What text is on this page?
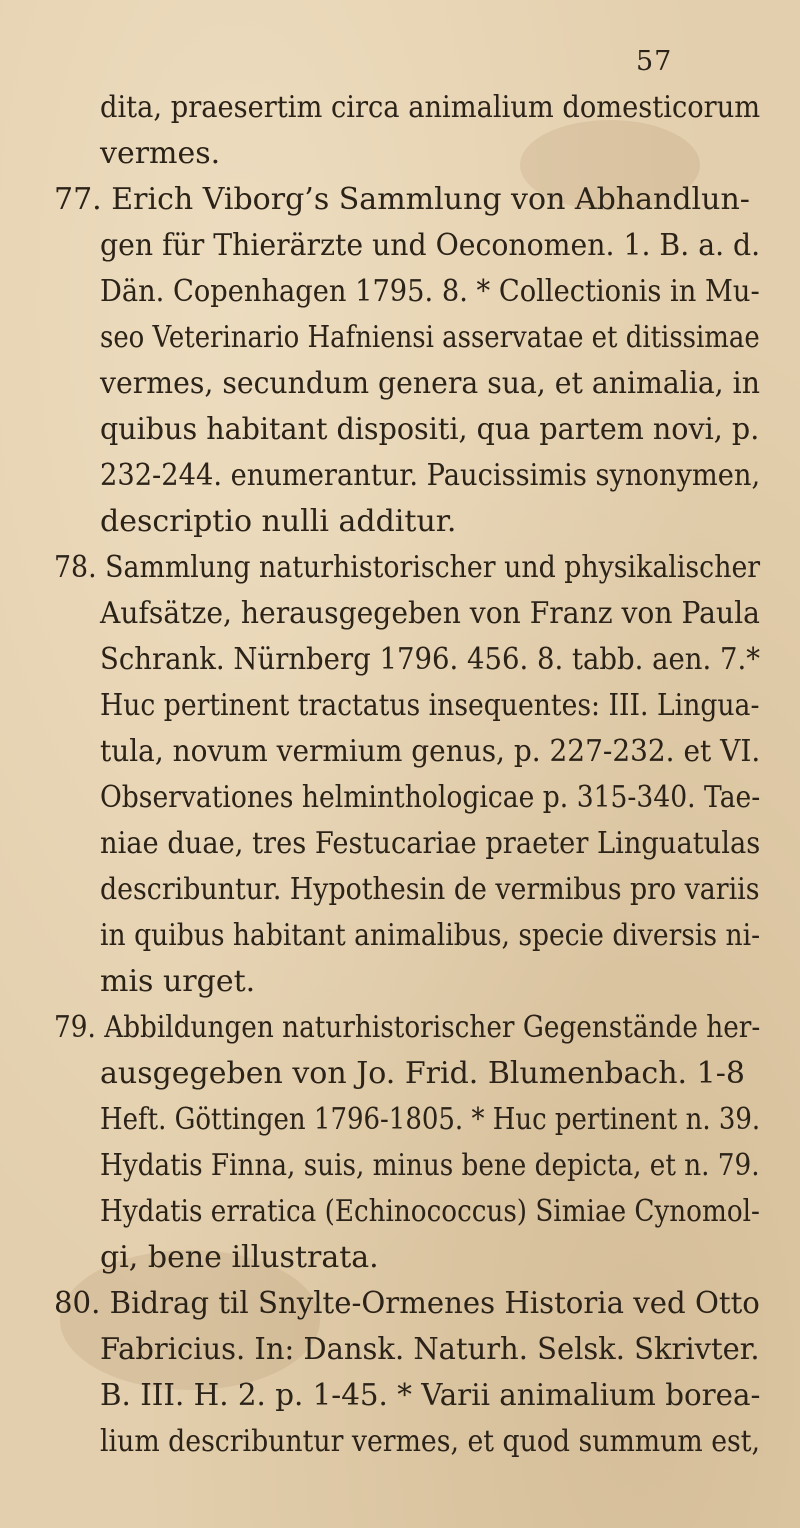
57
dita, praesertim circa animalium domesticorum
vermes.
77. Erich Viborg’s Sammlung von Abhandlun-
gen für Thierärzte und Oeconomen. 1. B. a. d.
Dän. Copenhagen 1795. 8. * Collectionis in Mu-
seo Veterinario Hafniensi asservatae et ditissimae
vermes, secundum genera sua, et animalia, in
quibus habitant dispositi, qua partem novi, p.
232-244. enumerantur. Paucissimis synonymen,
descriptio nulli additur.
78. Sammlung naturhistorischer und physikalischer
Aufsätze, herausgegeben von Franz von Paula
Schrank. Nürnberg 1796. 456. 8. tabb. aen. 7.*
Huc pertinent tractatus insequentes: III. Lingua-
tula, novum vermium genus, p. 227-232. et VI.
Observationes helminthologicae p. 315-340. Tae-
niae duae, tres Festucariae praeter Linguatulas
describuntur. Hypothesin de vermibus pro variis
in quibus habitant animalibus, specie diversis ni-
mis urget.
79. Abbildungen naturhistorischer Gegenstände her-
ausgegeben von Jo. Frid. Blumenbach. 1-8
Heft. Göttingen 1796-1805. * Huc pertinent n. 39.
Hydatis Finna, suis, minus bene depicta, et n. 79.
Hydatis erratica (Echinococcus) Simiae Cynomol-
gi, bene illustrata.
80. Bidrag til Snylte-Ormenes Historia ved Otto
Fabricius. In: Dansk. Naturh. Selsk. Skrivter.
B. III. H. 2. p. 1-45. * Varii animalium borea-
lium describuntur vermes, et quod summum est,
